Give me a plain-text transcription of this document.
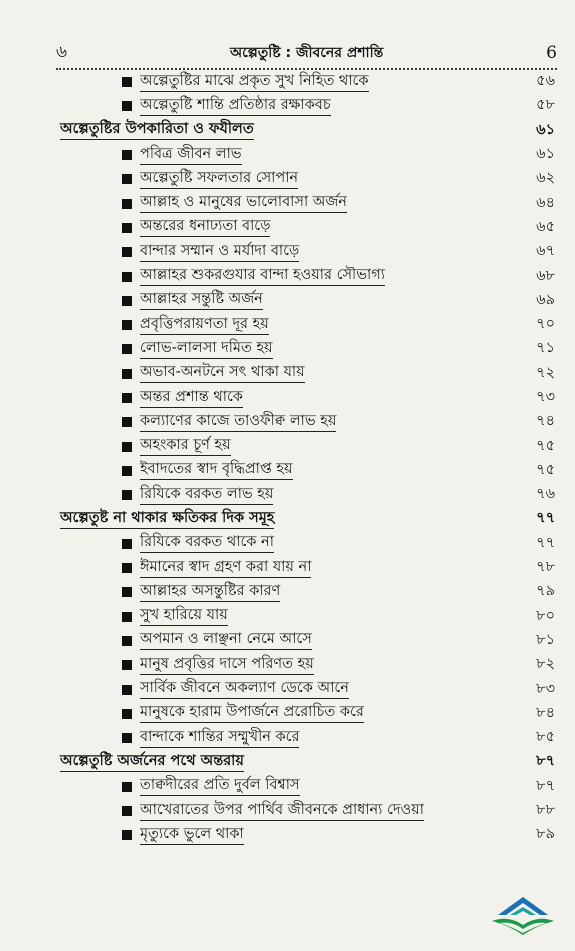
৬	অল্পেতুষ্টি : জীবনের প্রশান্তি	6
অল্পেতুষ্টির মাঝে প্রকৃত সুখ নিহিত থাকে	৫৬
অল্পেতুষ্টি শান্তি প্রতিষ্ঠার রক্ষাকবচ	৫৮
অল্পেতুষ্টির উপকারিতা ও ফযীলত	৬১
পবিত্র জীবন লাভ	৬১
অল্পেতুষ্টি সফলতার সোপান	৬২
আল্লাহ ও মানুষের ভালোবাসা অর্জন	৬৪
অন্তরের ধনাঢ্যতা বাড়ে	৬৫
বান্দার সম্মান ও মর্যাদা বাড়ে	৬৭
আল্লাহর শুকরগুযার বান্দা হওয়ার সৌভাগ্য	৬৮
আল্লাহর সন্তুষ্টি অর্জন	৬৯
প্রবৃত্তিপরায়ণতা দূর হয়	৭০
লোভ-লালসা দমিত হয়	৭১
অভাব-অনটনে সৎ থাকা যায়	৭২
অন্তর প্রশান্ত থাকে	৭৩
কল্যাণের কাজে তাওফীক্ব লাভ হয়	৭৪
অহংকার চূর্ণ হয়	৭৫
ইবাদতের স্বাদ বৃদ্ধিপ্রাপ্ত হয়	৭৫
রিযিকে বরকত লাভ হয়	৭৬
অল্পেতুষ্ট না থাকার ক্ষতিকর দিক সমূহ	৭৭
রিযিকে বরকত থাকে না	৭৭
ঈমানের স্বাদ গ্রহণ করা যায় না	৭৮
আল্লাহর অসন্তুষ্টির কারণ	৭৯
সুখ হারিয়ে যায়	৮০
অপমান ও লাঞ্ছনা নেমে আসে	৮১
মানুষ প্রবৃত্তির দাসে পরিণত হয়	৮২
সার্বিক জীবনে অকল্যাণ ডেকে আনে	৮৩
মানুষকে হারাম উপার্জনে প্ররোচিত করে	৮৪
বান্দাকে শান্তির সম্মুখীন করে	৮৫
অল্পেতুষ্টি অর্জনের পথে অন্তরায়	৮৭
তাক্বদীরের প্রতি দুর্বল বিশ্বাস	৮৭
আখেরাতের উপর পার্থিব জীবনকে প্রাধান্য দেওয়া	৮৮
মৃত্যুকে ভুলে থাকা	৮৯
